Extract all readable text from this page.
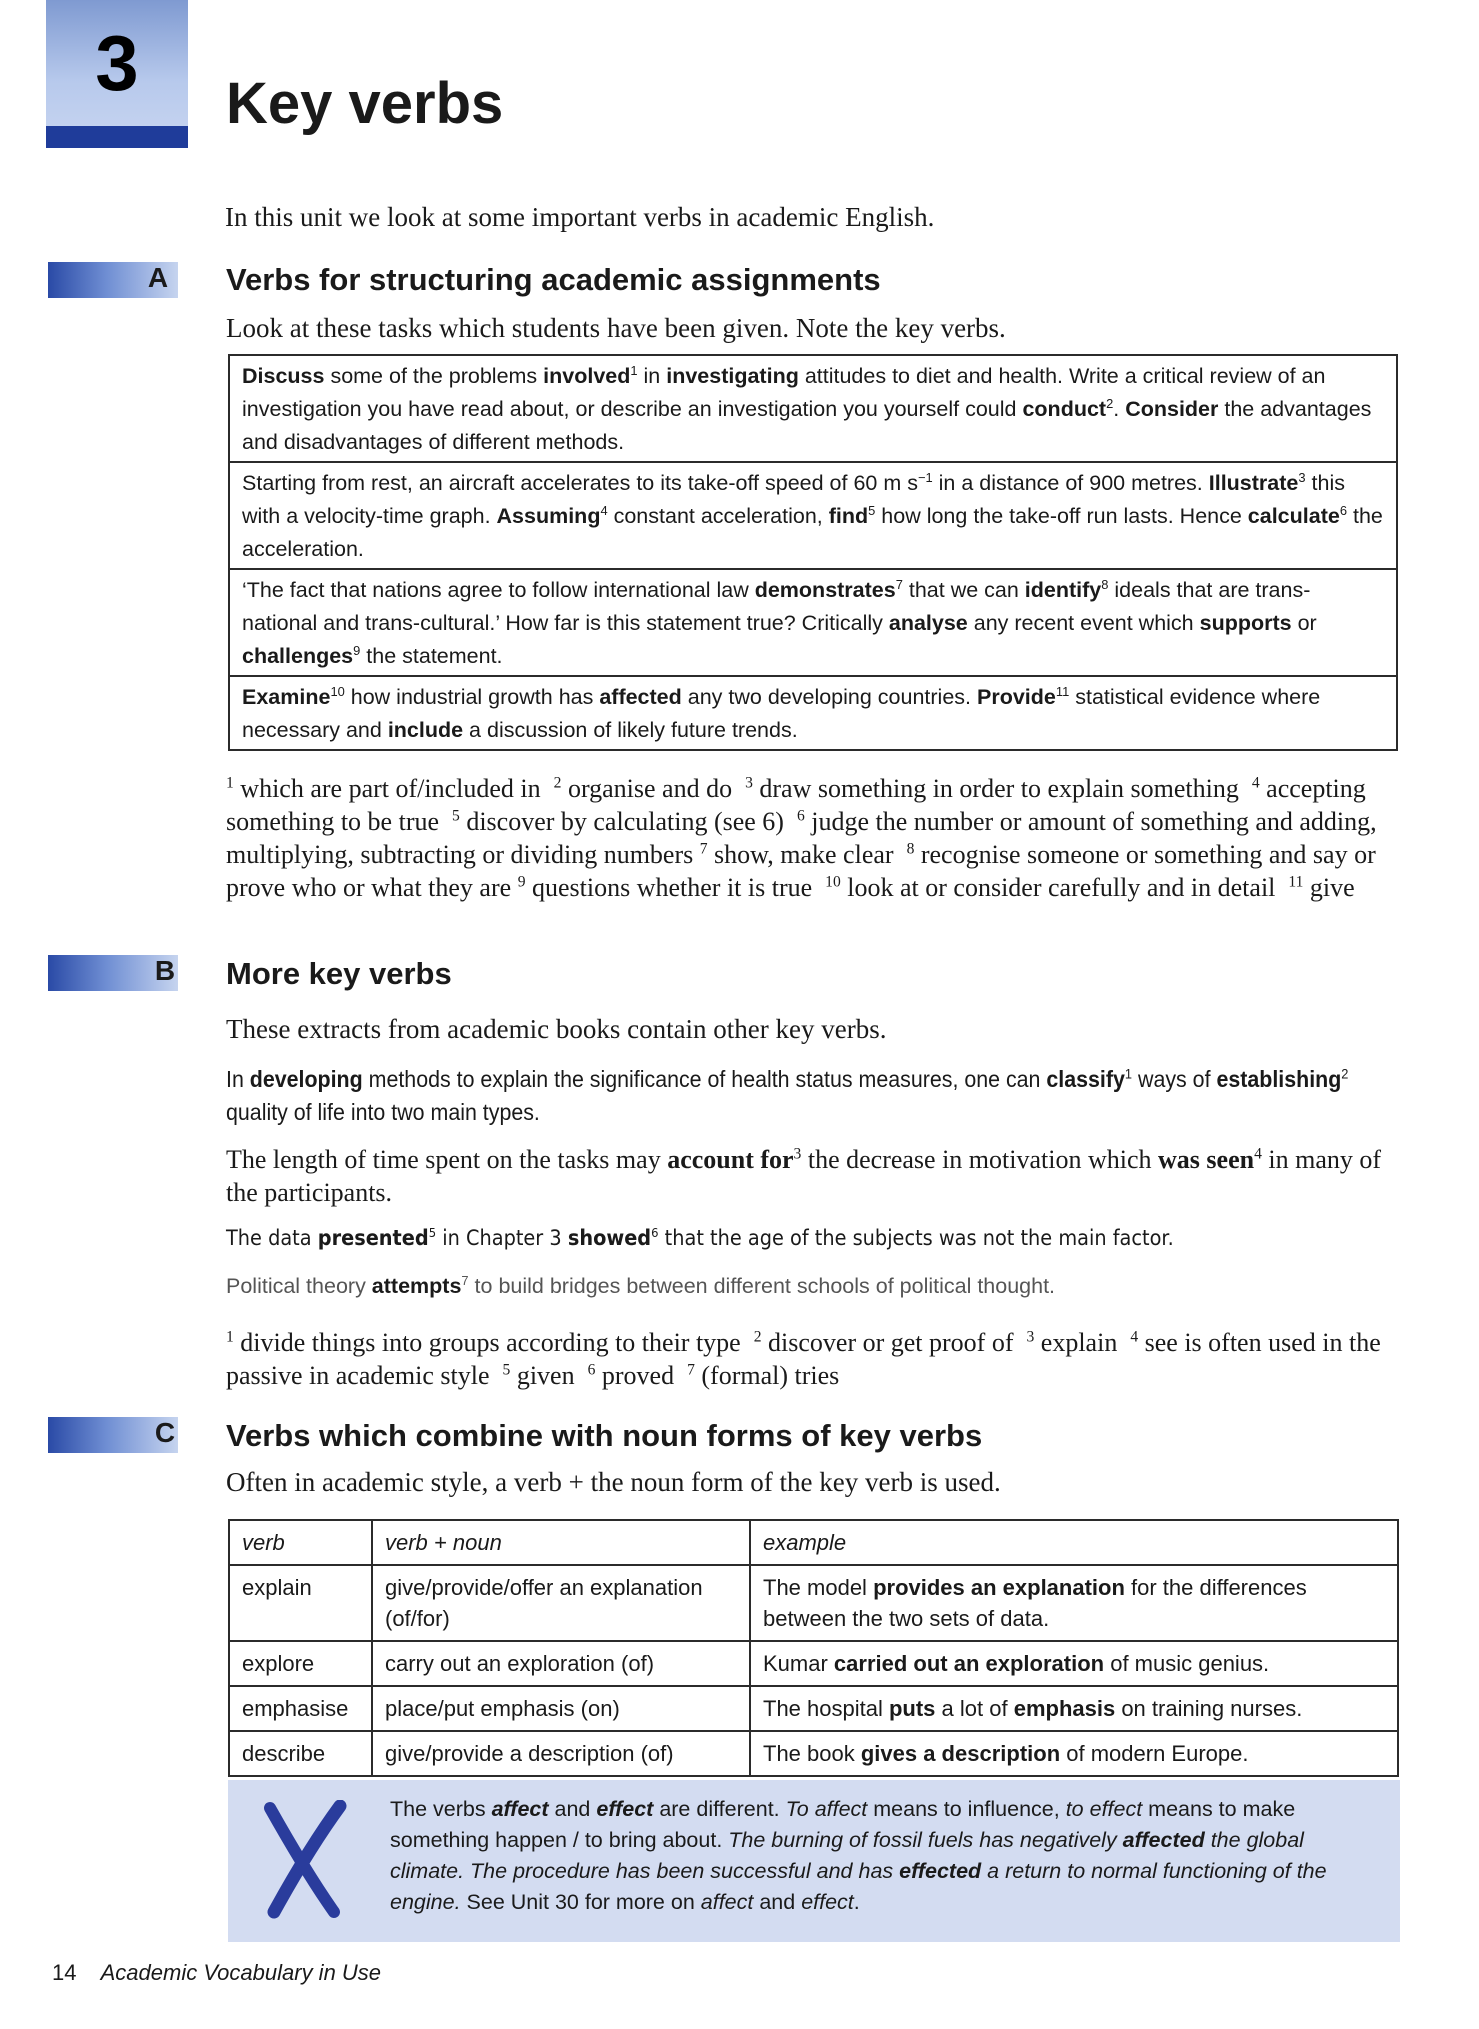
3	Key verbs

In this unit we look at some important verbs in academic English.

A Verbs for structuring academic assignments

Look at these tasks which students have been given. Note the key verbs.

Discuss some of the problems involved$^1$ in investigating attitudes to diet and health. Write a critical review of an investigation you have read about, or describe an investigation you yourself could conduct$^2$. Consider the advantages and disadvantages of different methods.
Starting from rest, an aircraft accelerates to its take-off speed of 60 m $s^{-1}$ in a distance of 900 metres. Illustrate$^3$ this with a velocity-time graph. Assuming$^4$ constant acceleration, find$^5$ how long the take-off run lasts. Hence calculate$^6$ the acceleration.
‘The fact that nations agree to follow international law demonstrates$^7$ that we can identify$^8$ ideals that are trans-national and trans-cultural.’ How far is this statement true? Critically analyse any recent event which supports or challenges$^9$ the statement.
Examine$^{10}$ how industrial growth has affected any two developing countries. Provide$^{11}$ statistical evidence where necessary and include a discussion of likely future trends.

$^1$ which are part of/included in  $^2$ organise and do  $^3$ draw something in order to explain something  $^4$ accepting something to be true  $^5$ discover by calculating (see 6)  $^6$ judge the number or amount of something and adding, multiplying, subtracting or dividing numbers $^7$ show, make clear  $^8$ recognise someone or something and say or prove who or what they are $^9$ questions whether it is true  $^{10}$ look at or consider carefully and in detail  $^{11}$ give

B More key verbs

These extracts from academic books contain other key verbs.

In developing methods to explain the significance of health status measures, one can classify$^1$ ways of establishing$^2$ quality of life into two main types.

The length of time spent on the tasks may account for$^3$ the decrease in motivation which was seen$^4$ in many of the participants.

The data presented$^5$ in Chapter 3 showed$^6$ that the age of the subjects was not the main factor.

Political theory attempts$^7$ to build bridges between different schools of political thought.

$^1$ divide things into groups according to their type  $^2$ discover or get proof of  $^3$ explain  $^4$ see is often used in the passive in academic style  $^5$ given  $^6$ proved  $^7$ (formal) tries

C Verbs which combine with noun forms of key verbs

Often in academic style, a verb + the noun form of the key verb is used.

verb	verb + noun	example
explain	give/provide/offer an explanation (of/for)	The model provides an explanation for the differences between the two sets of data.
explore	carry out an exploration (of)	Kumar carried out an exploration of music genius.
emphasise	place/put emphasis (on)	The hospital puts a lot of emphasis on training nurses.
describe	give/provide a description (of)	The book gives a description of modern Europe.
The verbs affect and effect are different. To affect means to influence, to effect means to make something happen / to bring about. The burning of fossil fuels has negatively affected the global climate. The procedure has been successful and has effected a return to normal functioning of the engine. See Unit 30 for more on affect and effect.
14 Academic Vocabulary in Use
